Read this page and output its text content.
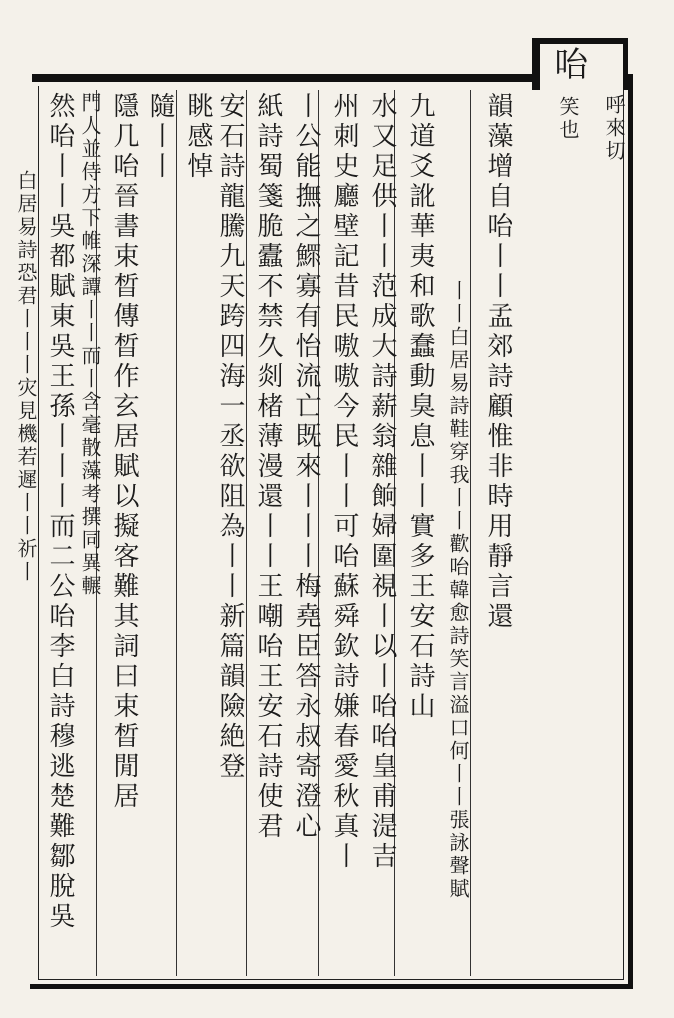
咍
呼來切
笑也
韻藻增自咍丨丨孟郊詩顧惟非時用靜言還
丨丨白居易詩鞋穿我丨丨歡咍韓愈詩笑言溢口何丨丨張詠聲賦
九道爻訛華夷和歌蠢動臭息丨丨實多王安石詩山
水又足供丨丨范成大詩薪翁雜餉婦圍視丨以丨咍咍皇甫湜吉
州刺史廳壁記昔民嗷嗷今民丨丨可咍蘇舜欽詩嫌春愛秋真丨
丨公能撫之鰥寡有怡流亡既來丨丨丨梅堯臣答永叔寄澄心
紙詩蜀箋脆蠹不禁久剡楮薄漫還丨丨王嘲咍王安石詩使君
安石詩龍騰九天跨四海一丞欲阻為丨丨新篇韻險絶登
眺感悼
隨丨丨
隱几咍晉書束晳傳晳作玄居賦以擬客難其詞曰束晳閒居
門人並侍方下帷深譚丨丨而丨含毫散藻考撰同異輾
然咍丨丨吳都賦東吳王孫丨丨丨而二公咍李白詩穆逃楚難鄒脫吳
白居易詩恐君丨丨丨灾見機若遲丨丨祈丨
